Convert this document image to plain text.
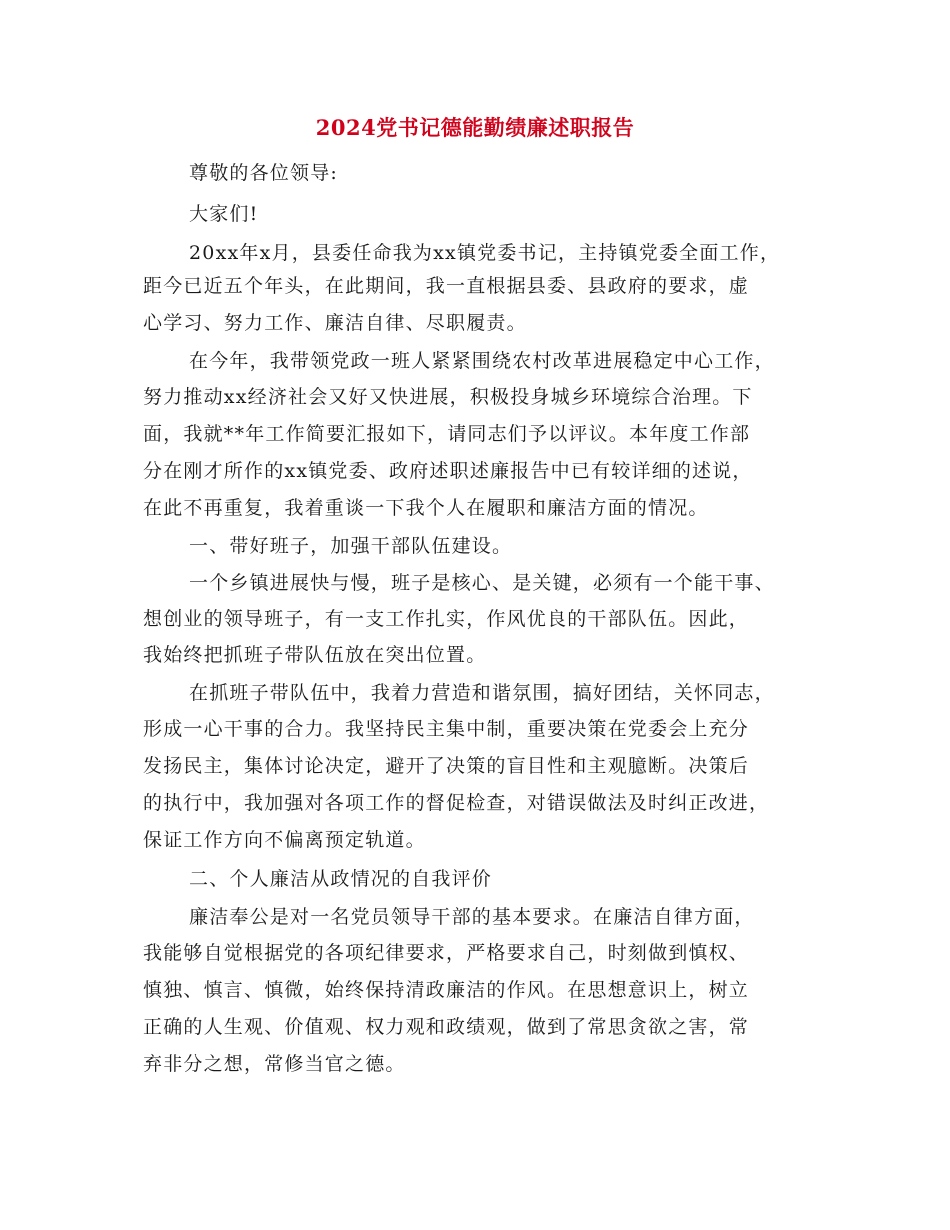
2024党书记德能勤绩廉述职报告
尊敬的各位领导:
大家们!
20xx年x月，县委任命我为xx镇党委书记，主持镇党委全面工作，
距今已近五个年头，在此期间，我一直根据县委、县政府的要求，虚
心学习、努力工作、廉洁自律、尽职履责。
在今年，我带领党政一班人紧紧围绕农村改革进展稳定中心工作，
努力推动xx经济社会又好又快进展，积极投身城乡环境综合治理。下
面，我就**年工作简要汇报如下，请同志们予以评议。本年度工作部
分在刚才所作的xx镇党委、政府述职述廉报告中已有较详细的述说，
在此不再重复，我着重谈一下我个人在履职和廉洁方面的情况。
一、带好班子，加强干部队伍建设。
一个乡镇进展快与慢，班子是核心、是关键，必须有一个能干事、
想创业的领导班子，有一支工作扎实，作风优良的干部队伍。因此，
我始终把抓班子带队伍放在突出位置。
在抓班子带队伍中，我着力营造和谐氛围，搞好团结，关怀同志，
形成一心干事的合力。我坚持民主集中制，重要决策在党委会上充分
发扬民主，集体讨论决定，避开了决策的盲目性和主观臆断。决策后
的执行中，我加强对各项工作的督促检查，对错误做法及时纠正改进，
保证工作方向不偏离预定轨道。
二、个人廉洁从政情况的自我评价
廉洁奉公是对一名党员领导干部的基本要求。在廉洁自律方面，
我能够自觉根据党的各项纪律要求，严格要求自己，时刻做到慎权、
慎独、慎言、慎微，始终保持清政廉洁的作风。在思想意识上，树立
正确的人生观、价值观、权力观和政绩观，做到了常思贪欲之害，常
弃非分之想，常修当官之德。
